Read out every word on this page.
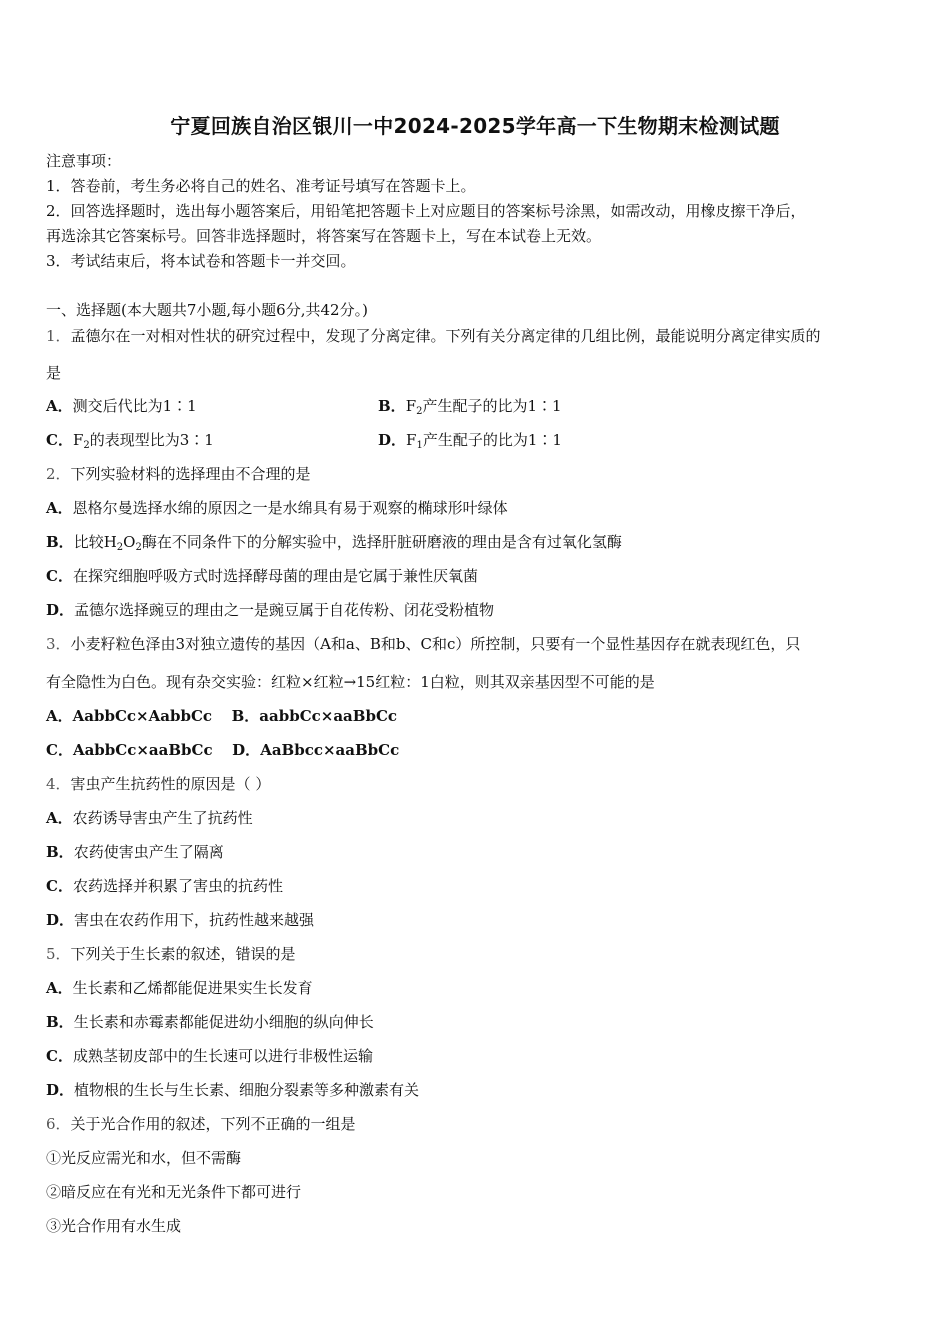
宁夏回族自治区银川一中2024-2025学年高一下生物期末检测试题
注意事项：
1．答卷前，考生务必将自己的姓名、准考证号填写在答题卡上。
2．回答选择题时，选出每小题答案后，用铅笔把答题卡上对应题目的答案标号涂黑，如需改动，用橡皮擦干净后，
再选涂其它答案标号。回答非选择题时，将答案写在答题卡上，写在本试卷上无效。
3．考试结束后，将本试卷和答题卡一并交回。
一、选择题(本大题共7小题,每小题6分,共42分。)
1．孟德尔在一对相对性状的研究过程中，发现了分离定律。下列有关分离定律的几组比例，最能说明分离定律实质的
是
A．测交后代比为1∶1	B．$F_2$产生配子的比为1∶1
C．$F_2$的表现型比为3∶1	D．$F_1$产生配子的比为1∶1
2．下列实验材料的选择理由不合理的是
A．恩格尔曼选择水绵的原因之一是水绵具有易于观察的椭球形叶绿体
B．比较$H_2O_2$酶在不同条件下的分解实验中，选择肝脏研磨液的理由是含有过氧化氢酶
C．在探究细胞呼吸方式时选择酵母菌的理由是它属于兼性厌氧菌
D．孟德尔选择豌豆的理由之一是豌豆属于自花传粉、闭花受粉植物
3．小麦籽粒色泽由3对独立遗传的基因（A和a、B和b、C和c）所控制，只要有一个显性基因存在就表现红色，只
有全隐性为白色。现有杂交实验：红粒×红粒→15红粒：1白粒，则其双亲基因型不可能的是
A．AabbCc×AabbCc B．aabbCc×aaBbCc
C．AabbCc×aaBbCc D．AaBbcc×aaBbCc
4．害虫产生抗药性的原因是（ ）
A．农药诱导害虫产生了抗药性
B．农药使害虫产生了隔离
C．农药选择并积累了害虫的抗药性
D．害虫在农药作用下，抗药性越来越强
5．下列关于生长素的叙述，错误的是
A．生长素和乙烯都能促进果实生长发育
B．生长素和赤霉素都能促进幼小细胞的纵向伸长
C．成熟茎韧皮部中的生长速可以进行非极性运输
D．植物根的生长与生长素、细胞分裂素等多种激素有关
6．关于光合作用的叙述，下列不正确的一组是
①光反应需光和水，但不需酶
②暗反应在有光和无光条件下都可进行
③光合作用有水生成
